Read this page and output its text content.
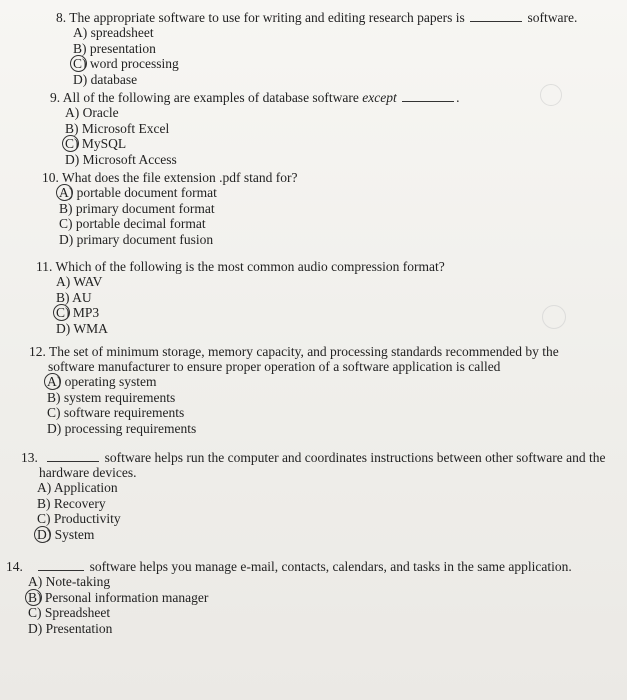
8. The appropriate software to use for writing and editing research papers is	software.
A) spreadsheet
B) presentation
C) word processing
D) database
9. All of the following are examples of database software except	.
A) Oracle
B) Microsoft Excel
C) MySQL
D) Microsoft Access
10. What does the file extension .pdf stand for?
A) portable document format
B) primary document format
C) portable decimal format
D) primary document fusion
11. Which of the following is the most common audio compression format?
A) WAV
B) AU
C) MP3
D) WMA
12. The set of minimum storage, memory capacity, and processing standards recommended by the
software manufacturer to ensure proper operation of a software application is called
A) operating system
B) system requirements
C) software requirements
D) processing requirements
13.	software helps run the computer and coordinates instructions between other software and the
hardware devices.
A) Application
B) Recovery
C) Productivity
D) System
14.	software helps you manage e-mail, contacts, calendars, and tasks in the same application.
A) Note-taking
B) Personal information manager
C) Spreadsheet
D) Presentation
